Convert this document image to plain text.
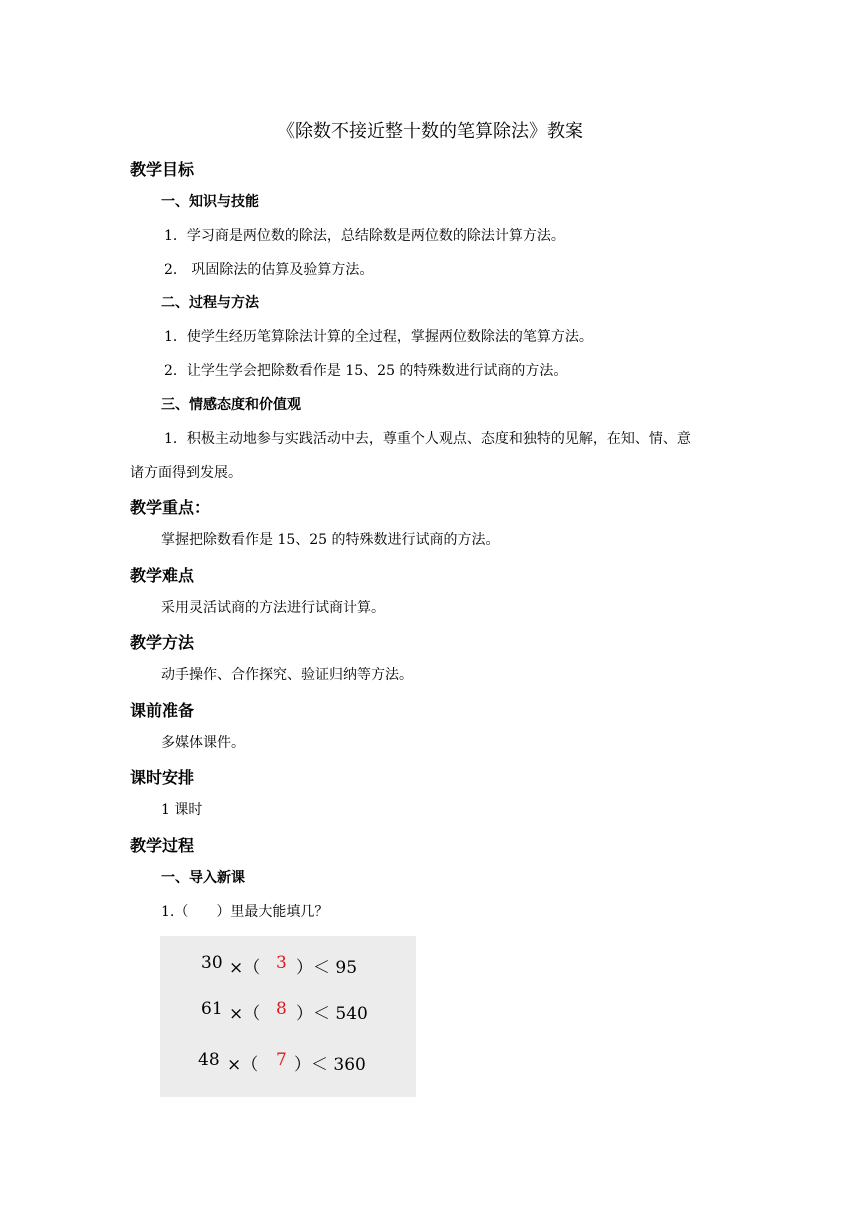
《除数不接近整十数的笔算除法》教案
教学目标
一、知识与技能
1．学习商是两位数的除法，总结除数是两位数的除法计算方法。
2． 巩固除法的估算及验算方法。
二、过程与方法
1．使学生经历笔算除法计算的全过程，掌握两位数除法的笔算方法。
2．让学生学会把除数看作是 15、25 的特殊数进行试商的方法。
三、情感态度和价值观
1．积极主动地参与实践活动中去，尊重个人观点、态度和独特的见解，在知、情、意
诸方面得到发展。
教学重点：
掌握把除数看作是 15、25 的特殊数进行试商的方法。
教学难点
采用灵活试商的方法进行试商计算。
教学方法
动手操作、合作探究、验证归纳等方法。
课前准备
多媒体课件。
课时安排
1 课时
教学过程
一、导入新课
1.（　　）里最大能填几？
30 ×（ 3 ）＜ 95
61 ×（ 8 ）＜ 540
48 ×（ 7 ）＜ 360
